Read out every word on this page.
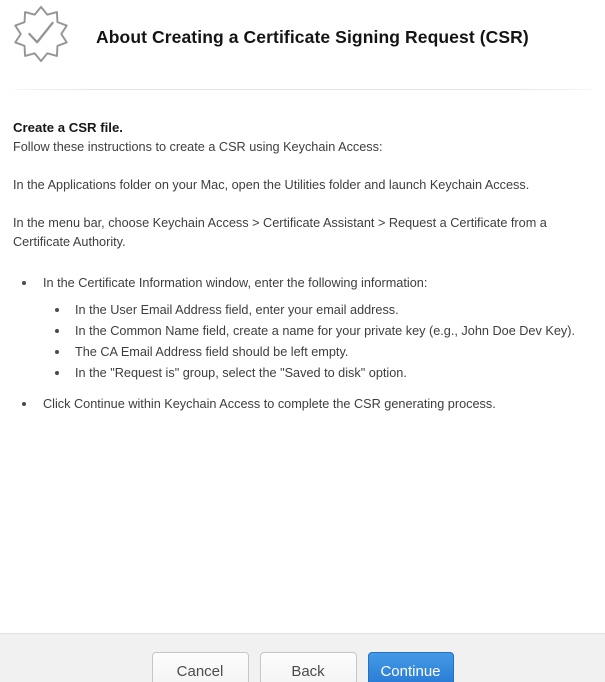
About Creating a Certificate Signing Request (CSR)
Create a CSR file.
Follow these instructions to create a CSR using Keychain Access:
In the Applications folder on your Mac, open the Utilities folder and launch Keychain Access.
In the menu bar, choose Keychain Access > Certificate Assistant > Request a Certificate from a Certificate Authority.
In the Certificate Information window, enter the following information:
In the User Email Address field, enter your email address.
In the Common Name field, create a name for your private key (e.g., John Doe Dev Key).
The CA Email Address field should be left empty.
In the "Request is" group, select the "Saved to disk" option.
Click Continue within Keychain Access to complete the CSR generating process.
Cancel	Back	Continue
